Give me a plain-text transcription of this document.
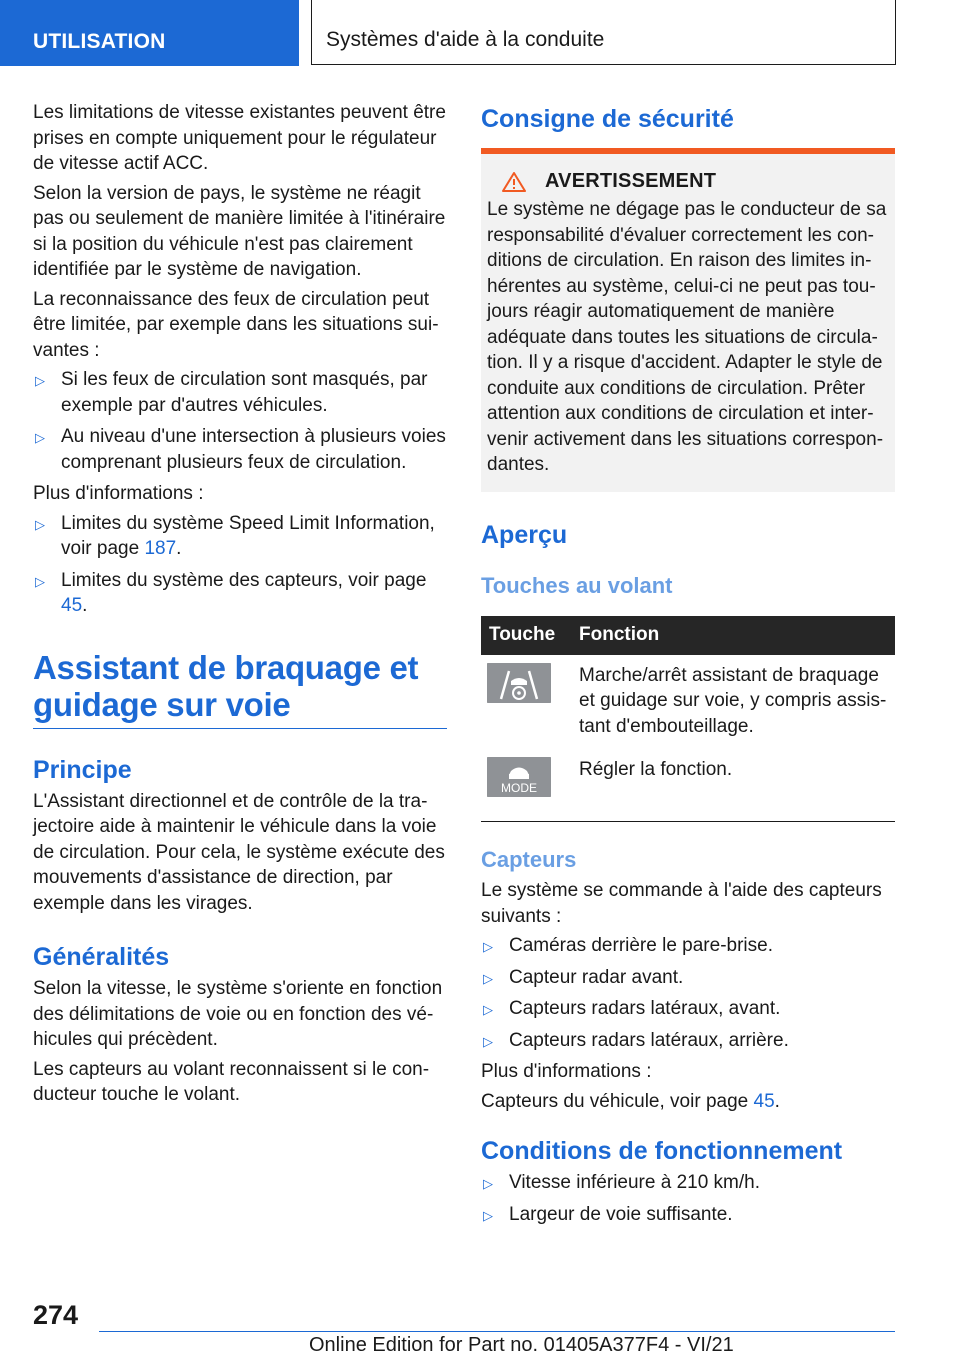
UTILISATION	Systèmes d'aide à la conduite

Les limitations de vitesse existantes peuvent être prises en compte uniquement pour le régulateur de vitesse actif ACC.

Selon la version de pays, le système ne réagit pas ou seulement de manière limitée à l'itinéraire si la position du véhicule n'est pas clairement identifiée par le système de navigation.

La reconnaissance des feux de circulation peut être limitée, par exemple dans les situations sui‐vantes :

▷ Si les feux de circulation sont masqués, par exemple par d'autres véhicules.
▷ Au niveau d'une intersection à plusieurs voies comprenant plusieurs feux de circulation.

Plus d'informations :

▷ Limites du système Speed Limit Information, voir page 187.
▷ Limites du système des capteurs, voir page 45.
Assistant de braquage et guidage sur voie
Principe

L'Assistant directionnel et de contrôle de la tra‐jectoire aide à maintenir le véhicule dans la voie de circulation. Pour cela, le système exécute des mouvements d'assistance de direction, par exemple dans les virages.

Généralités

Selon la vitesse, le système s'oriente en fonction des délimitations de voie ou en fonction des vé‐hicules qui précèdent.

Les capteurs au volant reconnaissent si le con‐ducteur touche le volant.

Consigne de sécurité
AVERTISSEMENT

Le système ne dégage pas le conducteur de sa responsabilité d'évaluer correctement les con‐ditions de circulation. En raison des limites in‐hérentes au système, celui-ci ne peut pas tou‐jours réagir automatiquement de manière adéquate dans toutes les situations de circula‐tion. Il y a risque d'accident. Adapter le style de conduite aux conditions de circulation. Prêter attention aux conditions de circulation et inter‐venir activement dans les situations correspon‐dantes.

Aperçu
Touches au volant
Touche	Fonction

	Marche/arrêt assistant de braquage et guidage sur voie, y compris assis‐tant d'embouteillage.

MODE	Régler la fonction.
Capteurs

Le système se commande à l'aide des capteurs suivants :

▷ Caméras derrière le pare-brise.
▷ Capteur radar avant.
▷ Capteurs radars latéraux, avant.
▷ Capteurs radars latéraux, arrière.

Plus d'informations :

Capteurs du véhicule, voir page 45.

Conditions de fonctionnement
▷ Vitesse inférieure à 210 km/h.
▷ Largeur de voie suffisante.
274
Online Edition for Part no. 01405A377F4 - VI/21
